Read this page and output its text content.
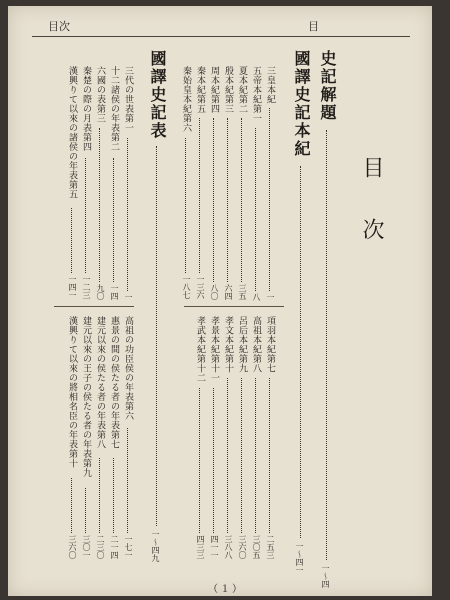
目次	目
目次
史記解題
一〜四
國譯史記本紀
一〜四一
國譯史記表
一〜四九
（１）
三皇本紀
一
五帝本紀第一
八
夏本紀第二
三五
殷本紀第三
六四
周本紀第四
八〇
秦本紀第五
一三六
秦始皇本紀第六
一八七
項羽本紀第七
二五三
高祖本紀第八
三〇五
呂后本紀第九
三六〇
孝文本紀第十
三八八
孝景本紀第十一
四一一
孝武本紀第十二
四三三
三代の世表第一
一
十二諸侯の年表第二
一四
六國の表第三
九〇
秦楚の際の月表第四
一二三
漢興りて以來の諸侯の年表第五
一四一
高祖の功臣侯の年表第六
一七一
惠景の間の侯たる者の年表第七
二一四
建元以來の侯たる者の年表第八
二三〇
建元以來の王子の侯たる者の年表第九
三〇一
漢興りて以來の將相名臣の年表第十
三六〇
